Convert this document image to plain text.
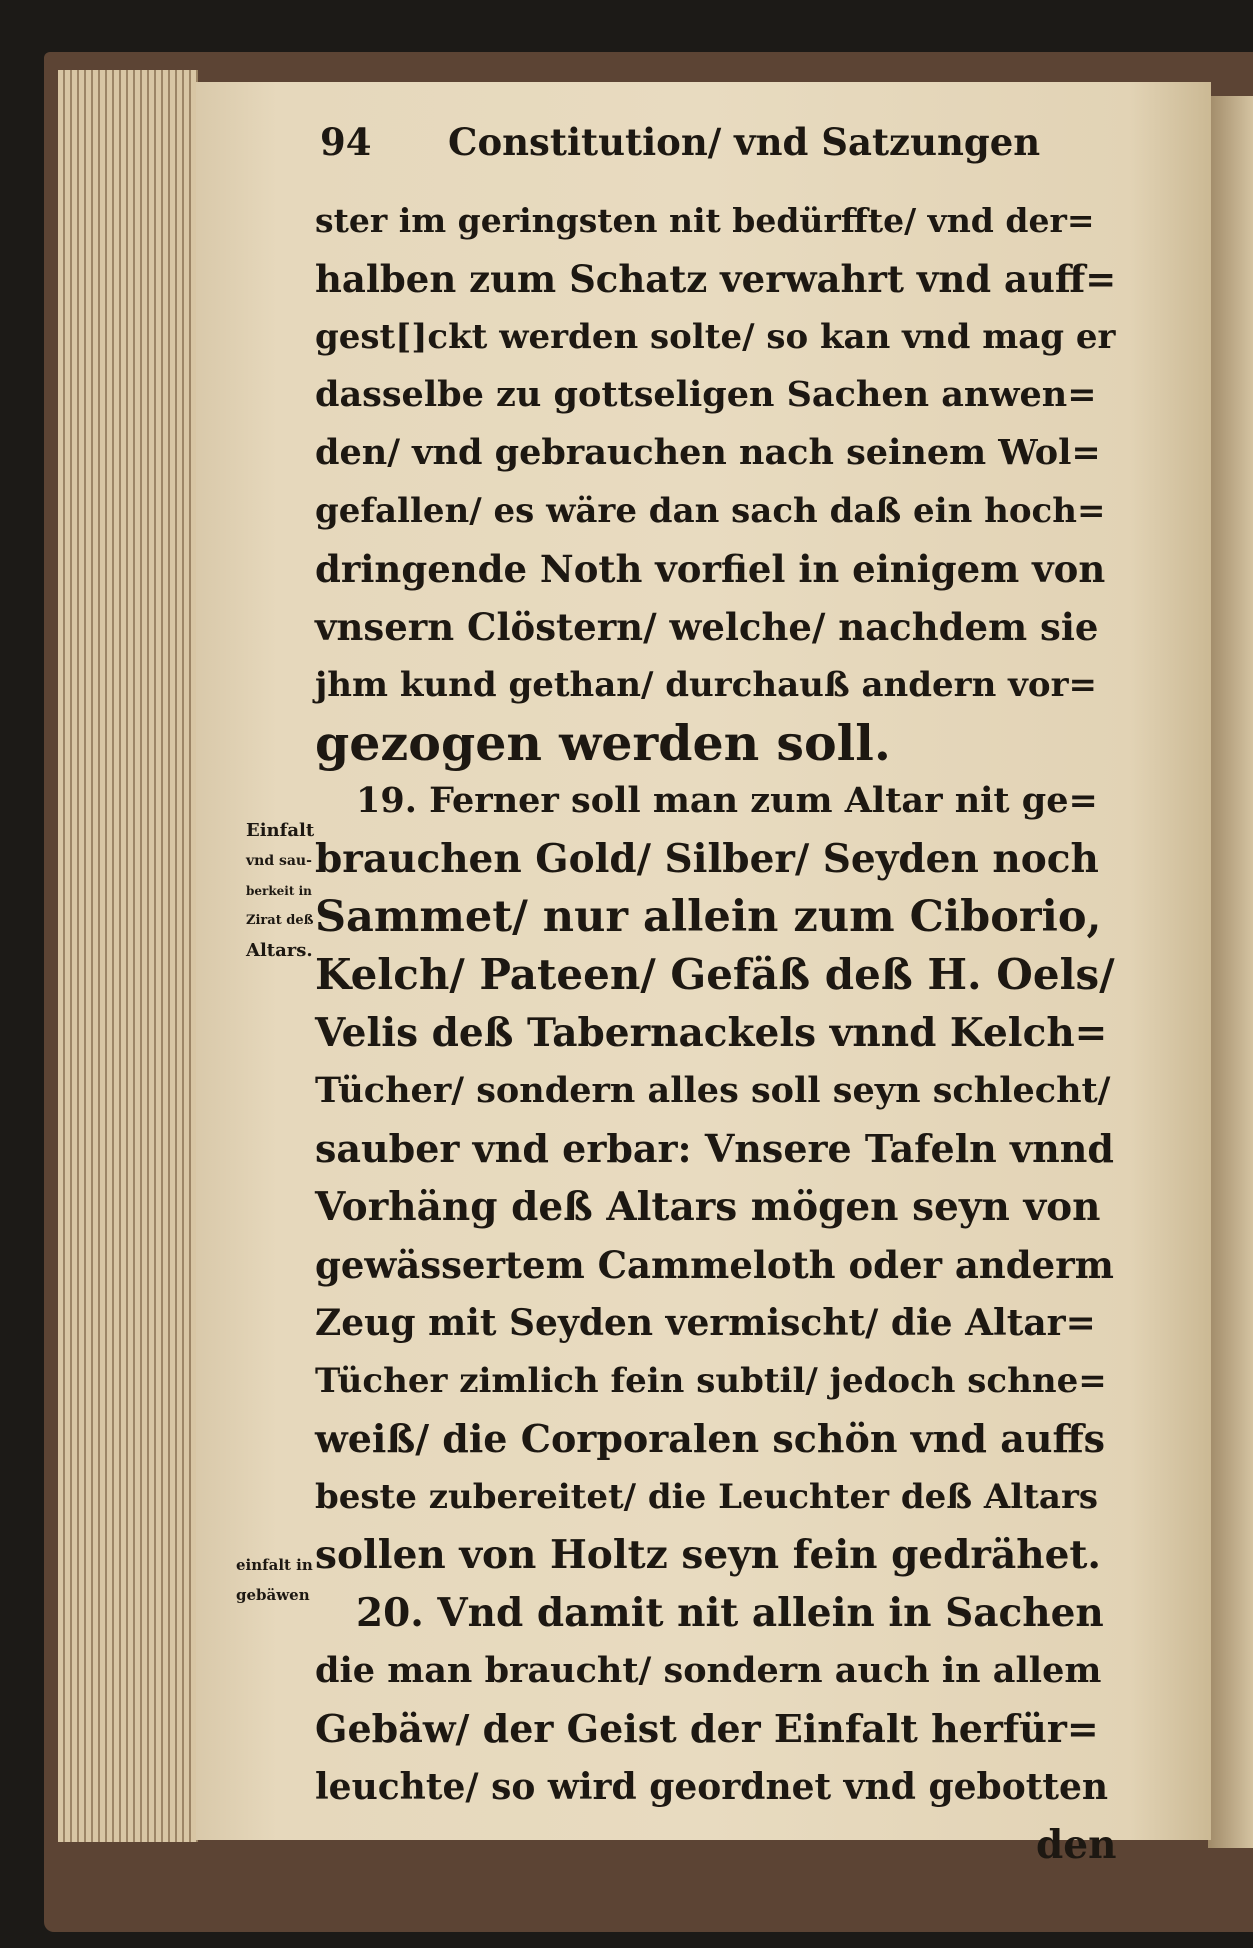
94 Constitution/ vnd Satzungen

ster im geringsten nit bedürffte/ vnd der=

halben zum Schatz verwahrt vnd auff=

gest[]ckt werden solte/ so kan vnd mag er

dasselbe zu gottseligen Sachen anwen=

den/ vnd gebrauchen nach seinem Wol=

gefallen/ es wäre dan sach daß ein hoch=

dringende Noth vorfiel in einigem von

vnsern Clöstern/ welche/ nachdem sie

jhm kund gethan/ durchauß andern vor=

gezogen werden soll.

19. Ferner soll man zum Altar nit ge=

brauchen Gold/ Silber/ Seyden noch

Sammet/ nur allein zum Ciborio,

Kelch/ Pateen/ Gefäß deß H. Oels/

Velis deß Tabernackels vnnd Kelch=

Tücher/ sondern alles soll seyn schlecht/

sauber vnd erbar: Vnsere Tafeln vnnd

Vorhäng deß Altars mögen seyn von

gewässertem Cammeloth oder anderm

Zeug mit Seyden vermischt/ die Altar=

Tücher zimlich fein subtil/ jedoch schne=

weiß/ die Corporalen schön vnd auffs

beste zubereitet/ die Leuchter deß Altars

sollen von Holtz seyn fein gedrähet.

20. Vnd damit nit allein in Sachen

die man braucht/ sondern auch in allem

Gebäw/ der Geist der Einfalt herfür=

leuchte/ so wird geordnet vnd gebotten

den

Einfalt

vnd sau-

berkeit in

Zirat deß

Altars.

einfalt in

gebäwen
